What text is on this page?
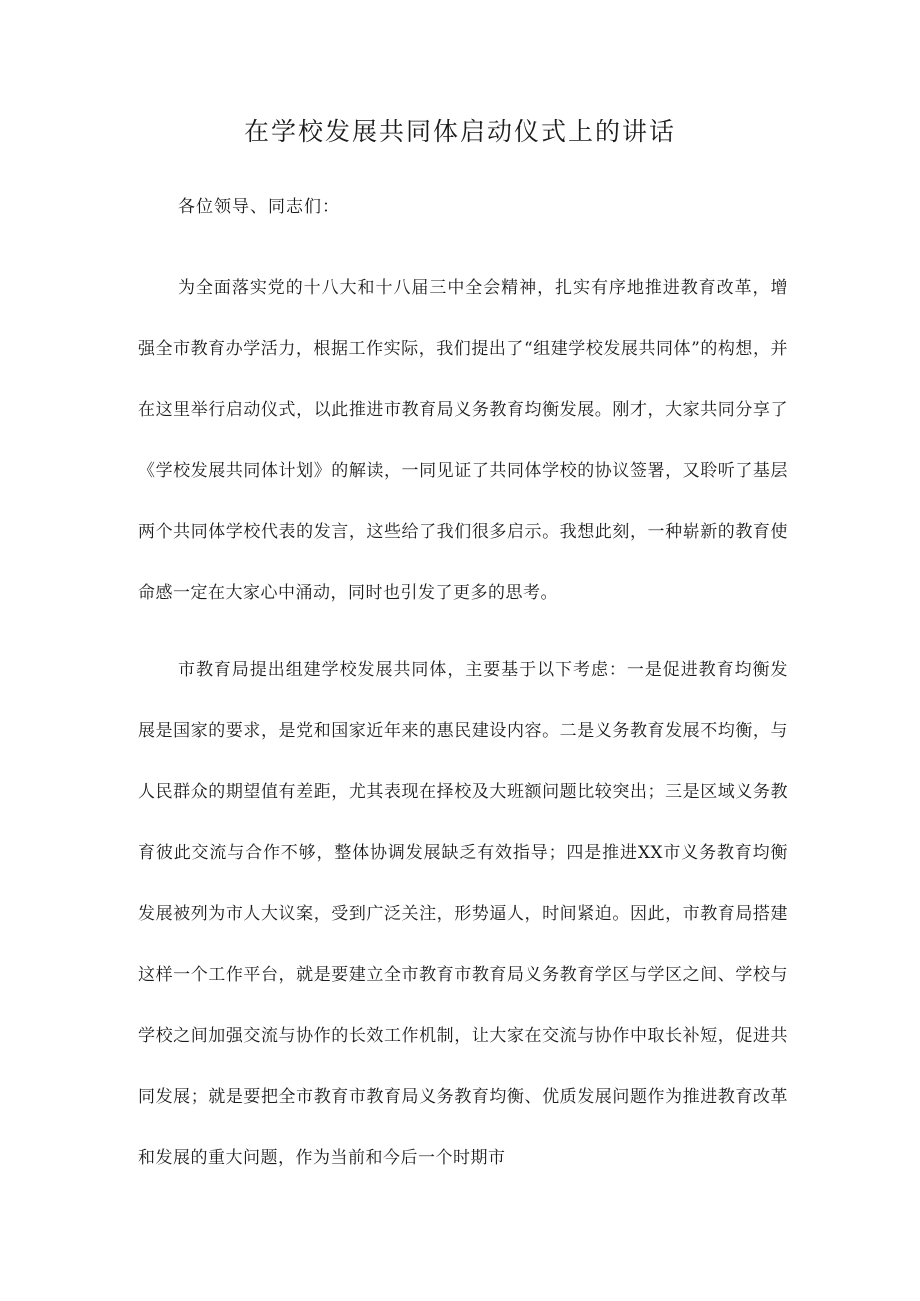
在学校发展共同体启动仪式上的讲话

各位领导、同志们：

为全面落实党的十八大和十八届三中全会精神，扎实有序地推进教育改革，增强全市教育办学活力，根据工作实际，我们提出了“组建学校发展共同体”的构想，并在这里举行启动仪式，以此推进市教育局义务教育均衡发展。刚才，大家共同分享了《学校发展共同体计划》的解读，一同见证了共同体学校的协议签署，又聆听了基层两个共同体学校代表的发言，这些给了我们很多启示。我想此刻，一种崭新的教育使命感一定在大家心中涌动，同时也引发了更多的思考。

市教育局提出组建学校发展共同体，主要基于以下考虑：一是促进教育均衡发展是国家的要求，是党和国家近年来的惠民建设内容。二是义务教育发展不均衡，与人民群众的期望值有差距，尤其表现在择校及大班额问题比较突出；三是区域义务教育彼此交流与合作不够，整体协调发展缺乏有效指导；四是推进XX市义务教育均衡发展被列为市人大议案，受到广泛关注，形势逼人，时间紧迫。因此，市教育局搭建这样一个工作平台，就是要建立全市教育市教育局义务教育学区与学区之间、学校与学校之间加强交流与协作的长效工作机制，让大家在交流与协作中取长补短，促进共同发展；就是要把全市教育市教育局义务教育均衡、优质发展问题作为推进教育改革和发展的重大问题，作为当前和今后一个时期市
